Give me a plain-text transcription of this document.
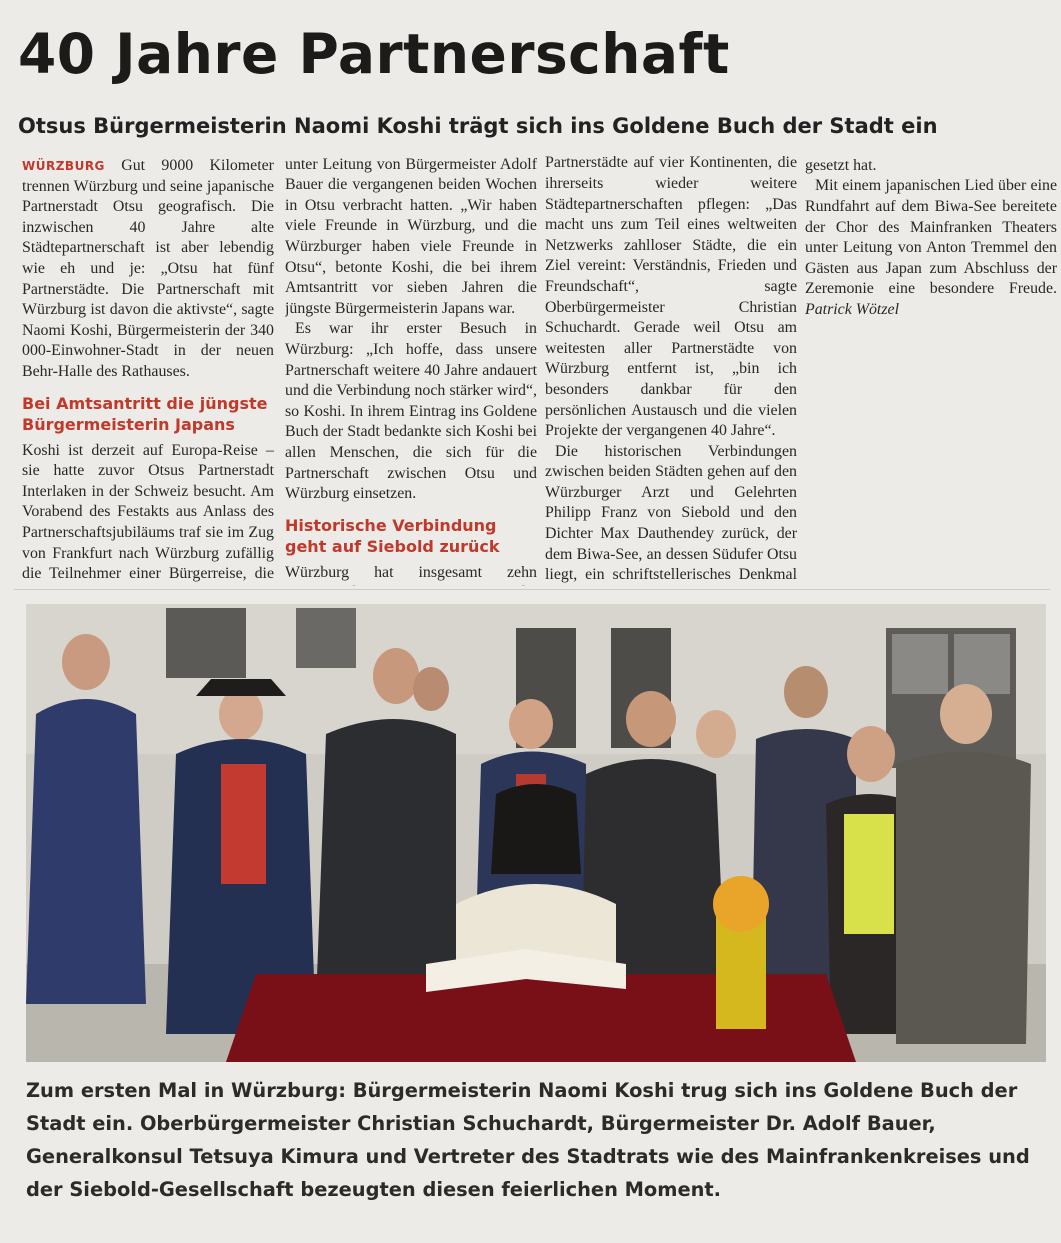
40 Jahre Partnerschaft
Otsus Bürgermeisterin Naomi Koshi trägt sich ins Goldene Buch der Stadt ein

WÜRZBURG Gut 9000 Kilometer trennen Würzburg und seine japanische Partnerstadt Otsu geografisch. Die inzwischen 40 Jahre alte Städtepartnerschaft ist aber lebendig wie eh und je: „Otsu hat fünf Partnerstädte. Die Partnerschaft mit Würzburg ist davon die aktivste“, sagte Naomi Koshi, Bürgermeisterin der 340 000-Einwohner-Stadt in der neuen Behr-Halle des Rathauses.

Bei Amtsantritt die jüngste Bürgermeisterin Japans

Koshi ist derzeit auf Europa-Reise – sie hatte zuvor Otsus Partnerstadt Interlaken in der Schweiz besucht. Am Vorabend des Festakts aus Anlass des Partnerschaftsjubiläums traf sie im Zug von Frankfurt nach Würzburg zufällig die Teilnehmer einer Bürgerreise, die

unter Leitung von Bürgermeister Adolf Bauer die vergangenen beiden Wochen in Otsu verbracht hatten. „Wir haben viele Freunde in Würzburg, und die Würzburger haben viele Freunde in Otsu“, betonte Koshi, die bei ihrem Amtsantritt vor sieben Jahren die jüngste Bürgermeisterin Japans war.

Es war ihr erster Besuch in Würzburg: „Ich hoffe, dass unsere Partnerschaft weitere 40 Jahre andauert und die Verbindung noch stärker wird“, so Koshi. In ihrem Eintrag ins Goldene Buch der Stadt bedankte sich Koshi bei allen Menschen, die sich für die Partnerschaft zwischen Otsu und Würzburg einsetzen.

Historische Verbindung geht auf Siebold zurück

Würzburg hat insgesamt zehn

Partnerstädte auf vier Kontinenten, die ihrerseits wieder weitere Städtepartnerschaften pflegen: „Das macht uns zum Teil eines weltweiten Netzwerks zahlloser Städte, die ein Ziel vereint: Verständnis, Frieden und Freundschaft“, sagte Oberbürgermeister Christian Schuchardt. Gerade weil Otsu am weitesten aller Partnerstädte von Würzburg entfernt ist, „bin ich besonders dankbar für den persönlichen Austausch und die vielen Projekte der vergangenen 40 Jahre“.

Die historischen Verbindungen zwischen beiden Städten gehen auf den Würzburger Arzt und Gelehrten Philipp Franz von Siebold und den Dichter Max Dauthendey zurück, der dem Biwa-See, an dessen Südufer Otsu liegt, ein schriftstellerisches Denkmal

gesetzt hat.

Mit einem japanischen Lied über eine Rundfahrt auf dem Biwa-See bereitete der Chor des Mainfranken Theaters unter Leitung von Anton Tremmel den Gästen aus Japan zum Abschluss der Zeremonie eine besondere Freude. Patrick Wötzel

Zum ersten Mal in Würzburg: Bürgermeisterin Naomi Koshi trug sich ins Goldene Buch der Stadt ein. Oberbürgermeister Christian Schuchardt, Bürgermeister Dr. Adolf Bauer, Generalkonsul Tetsuya Kimura und Vertreter des Stadtrats wie des Mainfrankenkreises und der Siebold-Gesellschaft bezeugten diesen feierlichen Moment.
